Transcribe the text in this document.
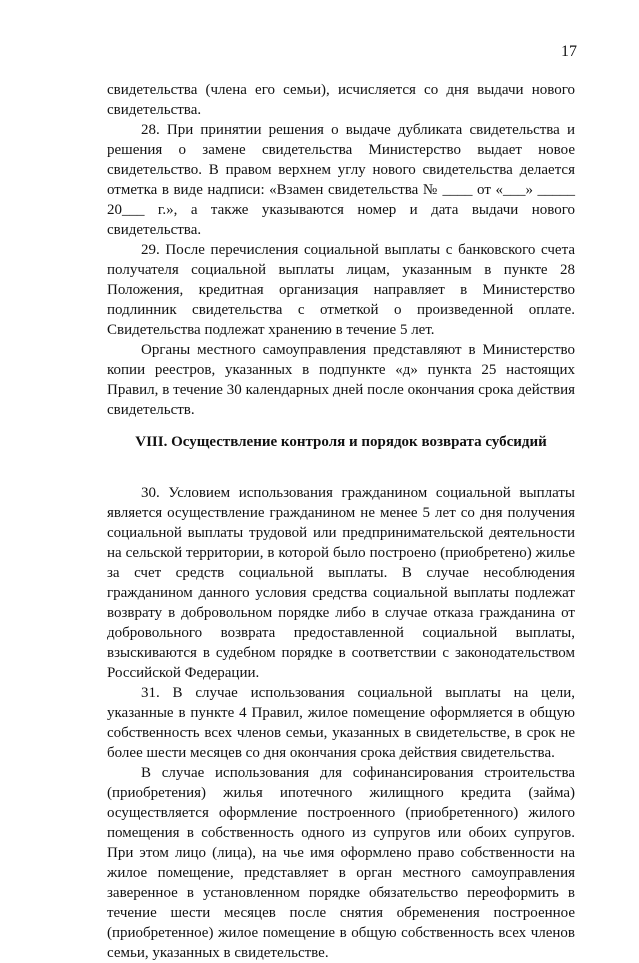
17

свидетельства (члена его семьи), исчисляется со дня выдачи нового свидетельства.

28. При принятии решения о выдаче дубликата свидетельства и решения о замене свидетельства Министерство выдает новое свидетельство. В правом верхнем углу нового свидетельства делается отметка в виде надписи: «Взамен свидетельства № ____ от «___» _____ 20___ г.», а также указываются номер и дата выдачи нового свидетельства.

29. После перечисления социальной выплаты с банковского счета получателя социальной выплаты лицам, указанным в пункте 28 Положения, кредитная организация направляет в Министерство подлинник свидетельства с отметкой о произведенной оплате. Свидетельства подлежат хранению в течение 5 лет.

Органы местного самоуправления представляют в Министерство копии реестров, указанных в подпункте «д» пункта 25 настоящих Правил, в течение 30 календарных дней после окончания срока действия свидетельств.

VIII. Осуществление контроля и порядок возврата субсидий

30. Условием использования гражданином социальной выплаты является осуществление гражданином не менее 5 лет со дня получения социальной выплаты трудовой или предпринимательской деятельности на сельской территории, в которой было построено (приобретено) жилье за счет средств социальной выплаты. В случае несоблюдения гражданином данного условия средства социальной выплаты подлежат возврату в добровольном порядке либо в случае отказа гражданина от добровольного возврата предоставленной социальной выплаты, взыскиваются в судебном порядке в соответствии с законодательством Российской Федерации.

31. В случае использования социальной выплаты на цели, указанные в пункте 4 Правил, жилое помещение оформляется в общую собственность всех членов семьи, указанных в свидетельстве, в срок не более шести месяцев со дня окончания срока действия свидетельства.

В случае использования для софинансирования строительства (приобретения) жилья ипотечного жилищного кредита (займа) осуществляется оформление построенного (приобретенного) жилого помещения в собственность одного из супругов или обоих супругов. При этом лицо (лица), на чье имя оформлено право собственности на жилое помещение, представляет в орган местного самоуправления заверенное в установленном порядке обязательство переоформить в течение шести месяцев после снятия обременения построенное (приобретенное) жилое помещение в общую собственность всех членов семьи, указанных в свидетельстве.
